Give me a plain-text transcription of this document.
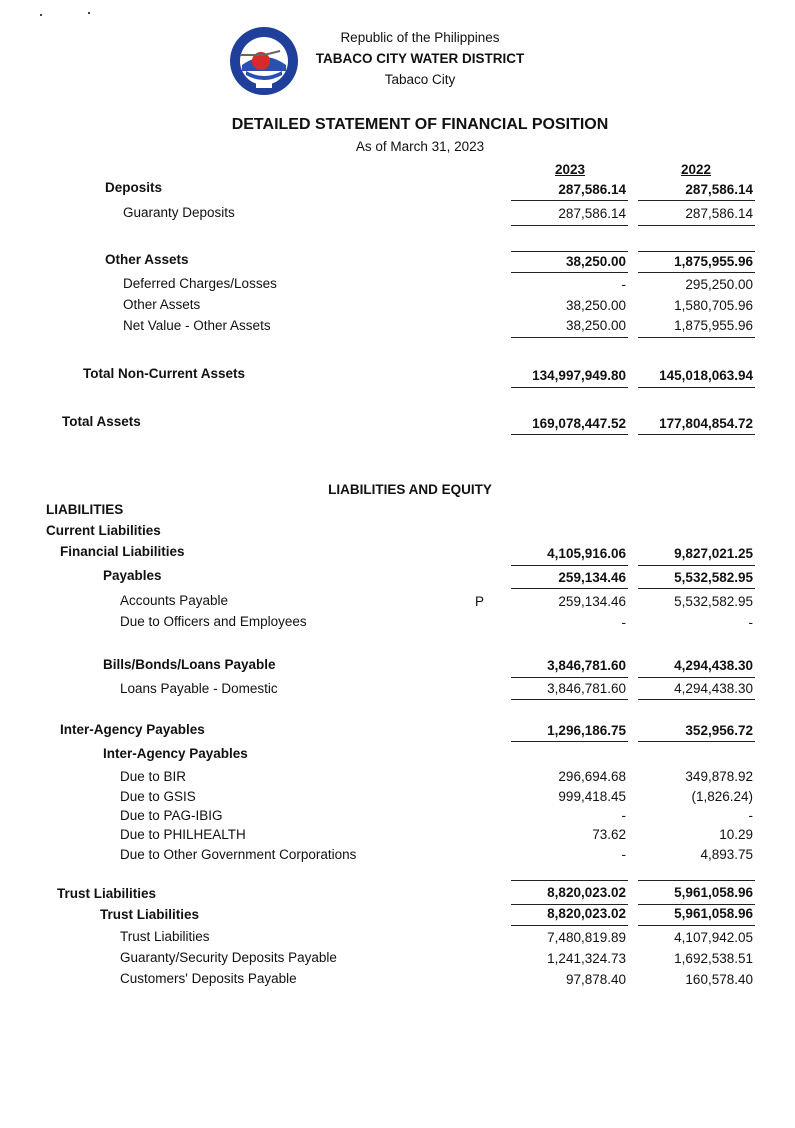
Republic of the Philippines
TABACO CITY WATER DISTRICT
Tabaco City
DETAILED STATEMENT OF FINANCIAL POSITION
As of March 31, 2023
2023	2022
Deposits	287,586.14	287,586.14
Guaranty Deposits	287,586.14	287,586.14
Other Assets	38,250.00	1,875,955.96
Deferred Charges/Losses	-	295,250.00
Other Assets	38,250.00	1,580,705.96
Net Value - Other Assets	38,250.00	1,875,955.96
Total Non-Current Assets	134,997,949.80	145,018,063.94
Total Assets	169,078,447.52	177,804,854.72
LIABILITIES AND EQUITY
LIABILITIES
Current Liabilities
Financial Liabilities	4,105,916.06	9,827,021.25
Payables	259,134.46	5,532,582.95
Accounts Payable	P	259,134.46	5,532,582.95
Due to Officers and Employees	-	-
Bills/Bonds/Loans Payable	3,846,781.60	4,294,438.30
Loans Payable - Domestic	3,846,781.60	4,294,438.30
Inter-Agency Payables	1,296,186.75	352,956.72
Inter-Agency Payables
Due to BIR	296,694.68	349,878.92
Due to GSIS	999,418.45	(1,826.24)
Due to PAG-IBIG	-	-
Due to PHILHEALTH	73.62	10.29
Due to Other Government Corporations	-	4,893.75
Trust Liabilities	8,820,023.02	5,961,058.96
Trust Liabilities	8,820,023.02	5,961,058.96
Trust Liabilities	7,480,819.89	4,107,942.05
Guaranty/Security Deposits Payable	1,241,324.73	1,692,538.51
Customers' Deposits Payable	97,878.40	160,578.40
